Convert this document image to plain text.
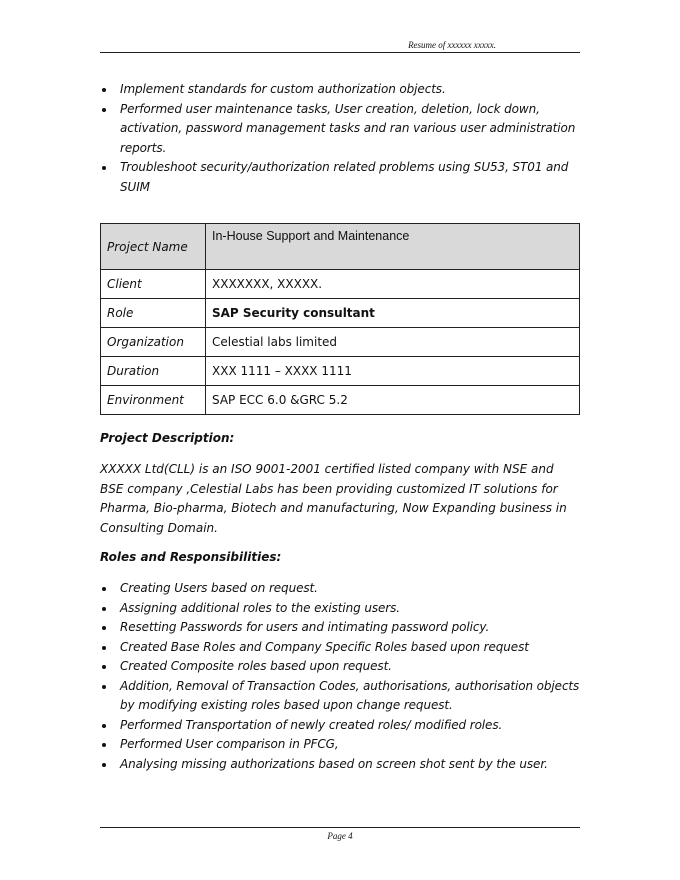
Resume of xxxxxx xxxxx.
Implement standards for custom authorization objects.
Performed user maintenance tasks, User creation, deletion, lock down, activation, password management tasks and ran various user administration reports.
Troubleshoot security/authorization related problems using SU53, ST01 and SUIM
Project Name	In-House Support and Maintenance
Client	XXXXXXX, XXXXX.
Role	SAP Security consultant
Organization	Celestial labs limited
Duration	XXX 1111 – XXXX 1111
Environment	SAP ECC 6.0 &GRC 5.2
Project Description:
XXXXX Ltd(CLL) is an ISO 9001-2001 certified listed company with NSE and BSE company ,Celestial Labs has been providing customized IT solutions for Pharma, Bio-pharma, Biotech and manufacturing, Now Expanding business in Consulting Domain.
Roles and Responsibilities:
Creating Users based on request.
Assigning additional roles to the existing users.
Resetting Passwords for users and intimating password policy.
Created Base Roles and Company Specific Roles based upon request
Created Composite roles based upon request.
Addition, Removal of Transaction Codes, authorisations, authorisation objects by modifying existing roles based upon change request.
Performed Transportation of newly created roles/ modified roles.
Performed User comparison in PFCG,
Analysing missing authorizations based on screen shot sent by the user.
Page 4
